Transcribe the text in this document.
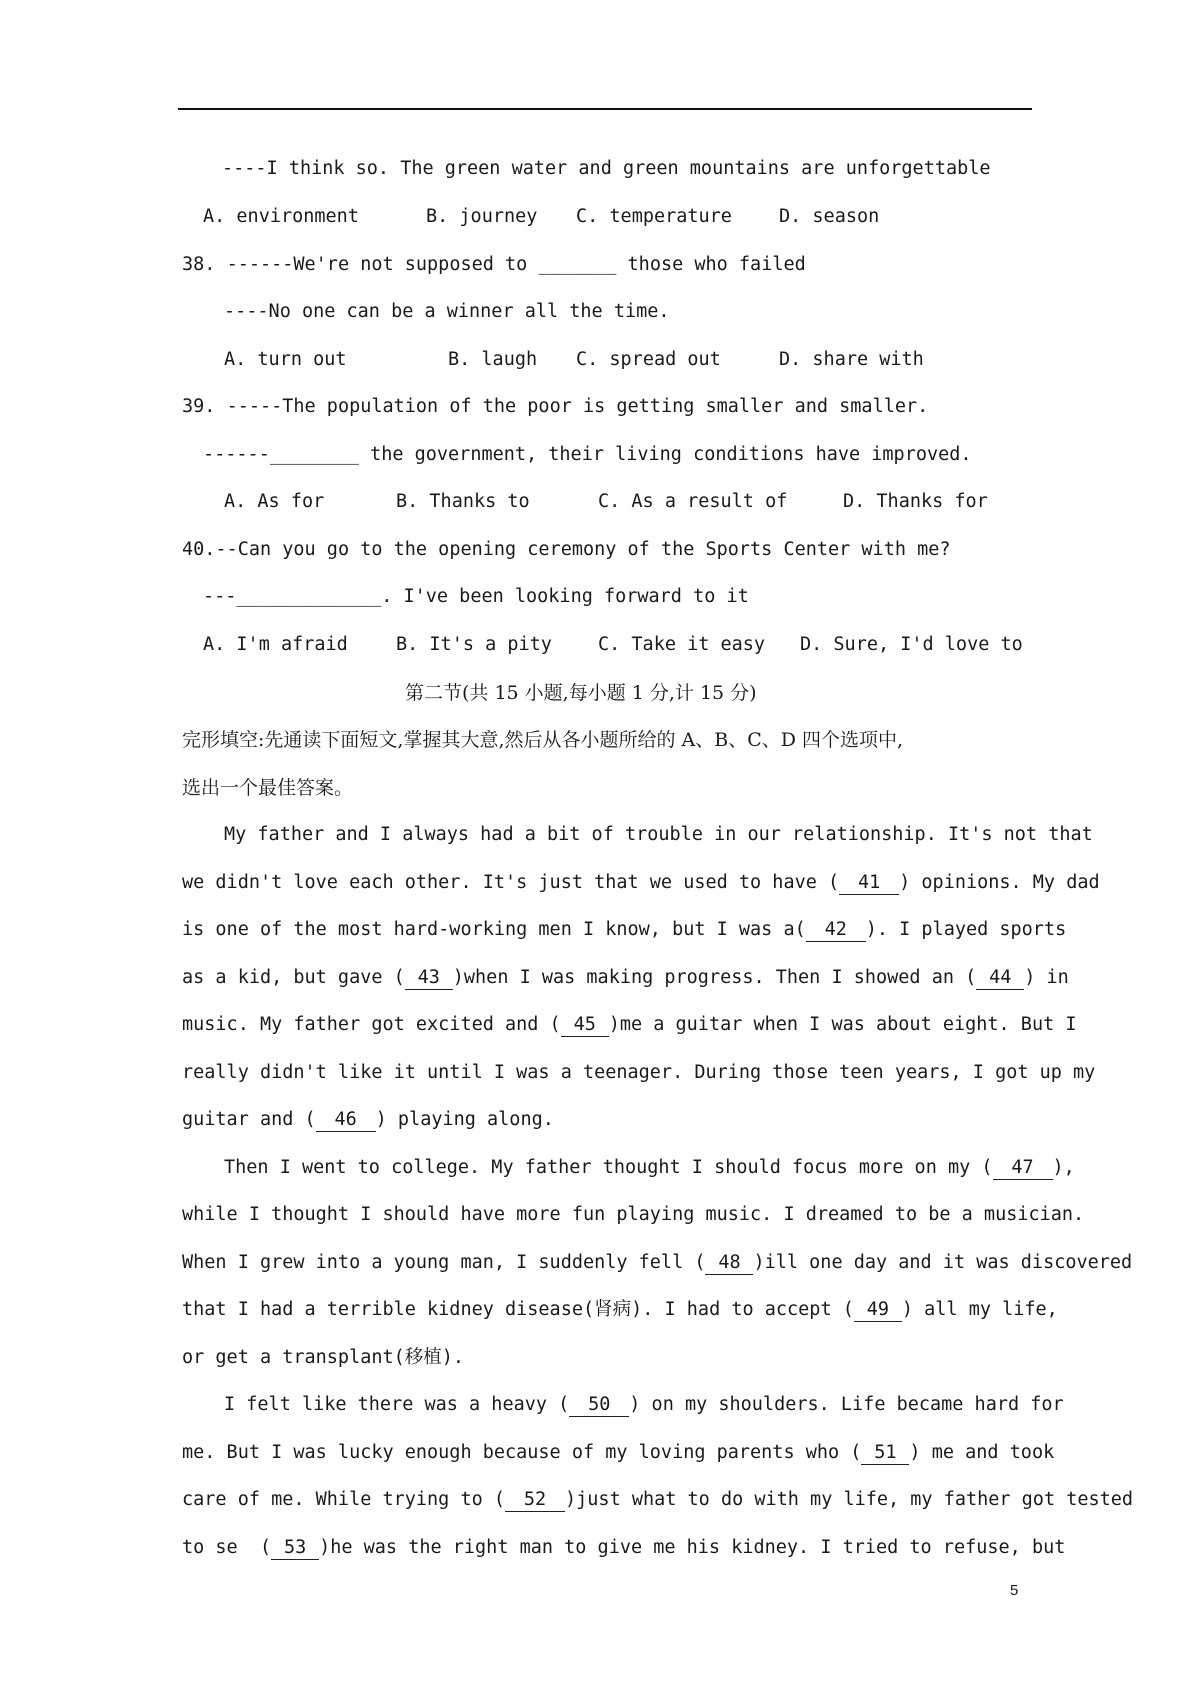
----I think so. The green water and green mountains are unforgettable
A. environment	B. journey C. temperature	D. season
38. ------We're not supposed to _______ those who failed
----No one can be a winner all the time.
A. turn out	B. laugh C. spread out	D. share with
39. -----The population of the poor is getting smaller and smaller.
------________ the government, their living conditions have improved.
A. As for	B. Thanks to	C. As a result of	D. Thanks for
40.--Can you go to the opening ceremony of the Sports Center with me?
---_____________. I've been looking forward to it
A. I'm afraid	B. It's a pity C. Take it easy D. Sure, I'd love to
第二节(共 15 小题,每小题 1 分,计 15 分)
完形填空:先通读下面短文,掌握其大意,然后从各小题所给的 A、B、C、D 四个选项中,
选出一个最佳答案。
My father and I always had a bit of trouble in our relationship. It's not that
we didn't love each other. It's just that we used to have ( 41 ) opinions. My dad
is one of the most hard-working men I know, but I was a( 42 ). I played sports
as a kid, but gave ( 43 )when I was making progress. Then I showed an ( 44 ) in
music. My father got excited and ( 45 )me a guitar when I was about eight. But I
really didn't like it until I was a teenager. During those teen years, I got up my
guitar and ( 46 ) playing along.
Then I went to college. My father thought I should focus more on my ( 47 ),
while I thought I should have more fun playing music. I dreamed to be a musician.
When I grew into a young man, I suddenly fell ( 48 )ill one day and it was discovered
that I had a terrible kidney disease(肾病). I had to accept ( 49 ) all my life,
or get a transplant(移植).
I felt like there was a heavy ( 50 ) on my shoulders. Life became hard for
me. But I was lucky enough because of my loving parents who ( 51 ) me and took
care of me. While trying to ( 52 )just what to do with my life, my father got tested
to se  ( 53 )he was the right man to give me his kidney. I tried to refuse, but
5
